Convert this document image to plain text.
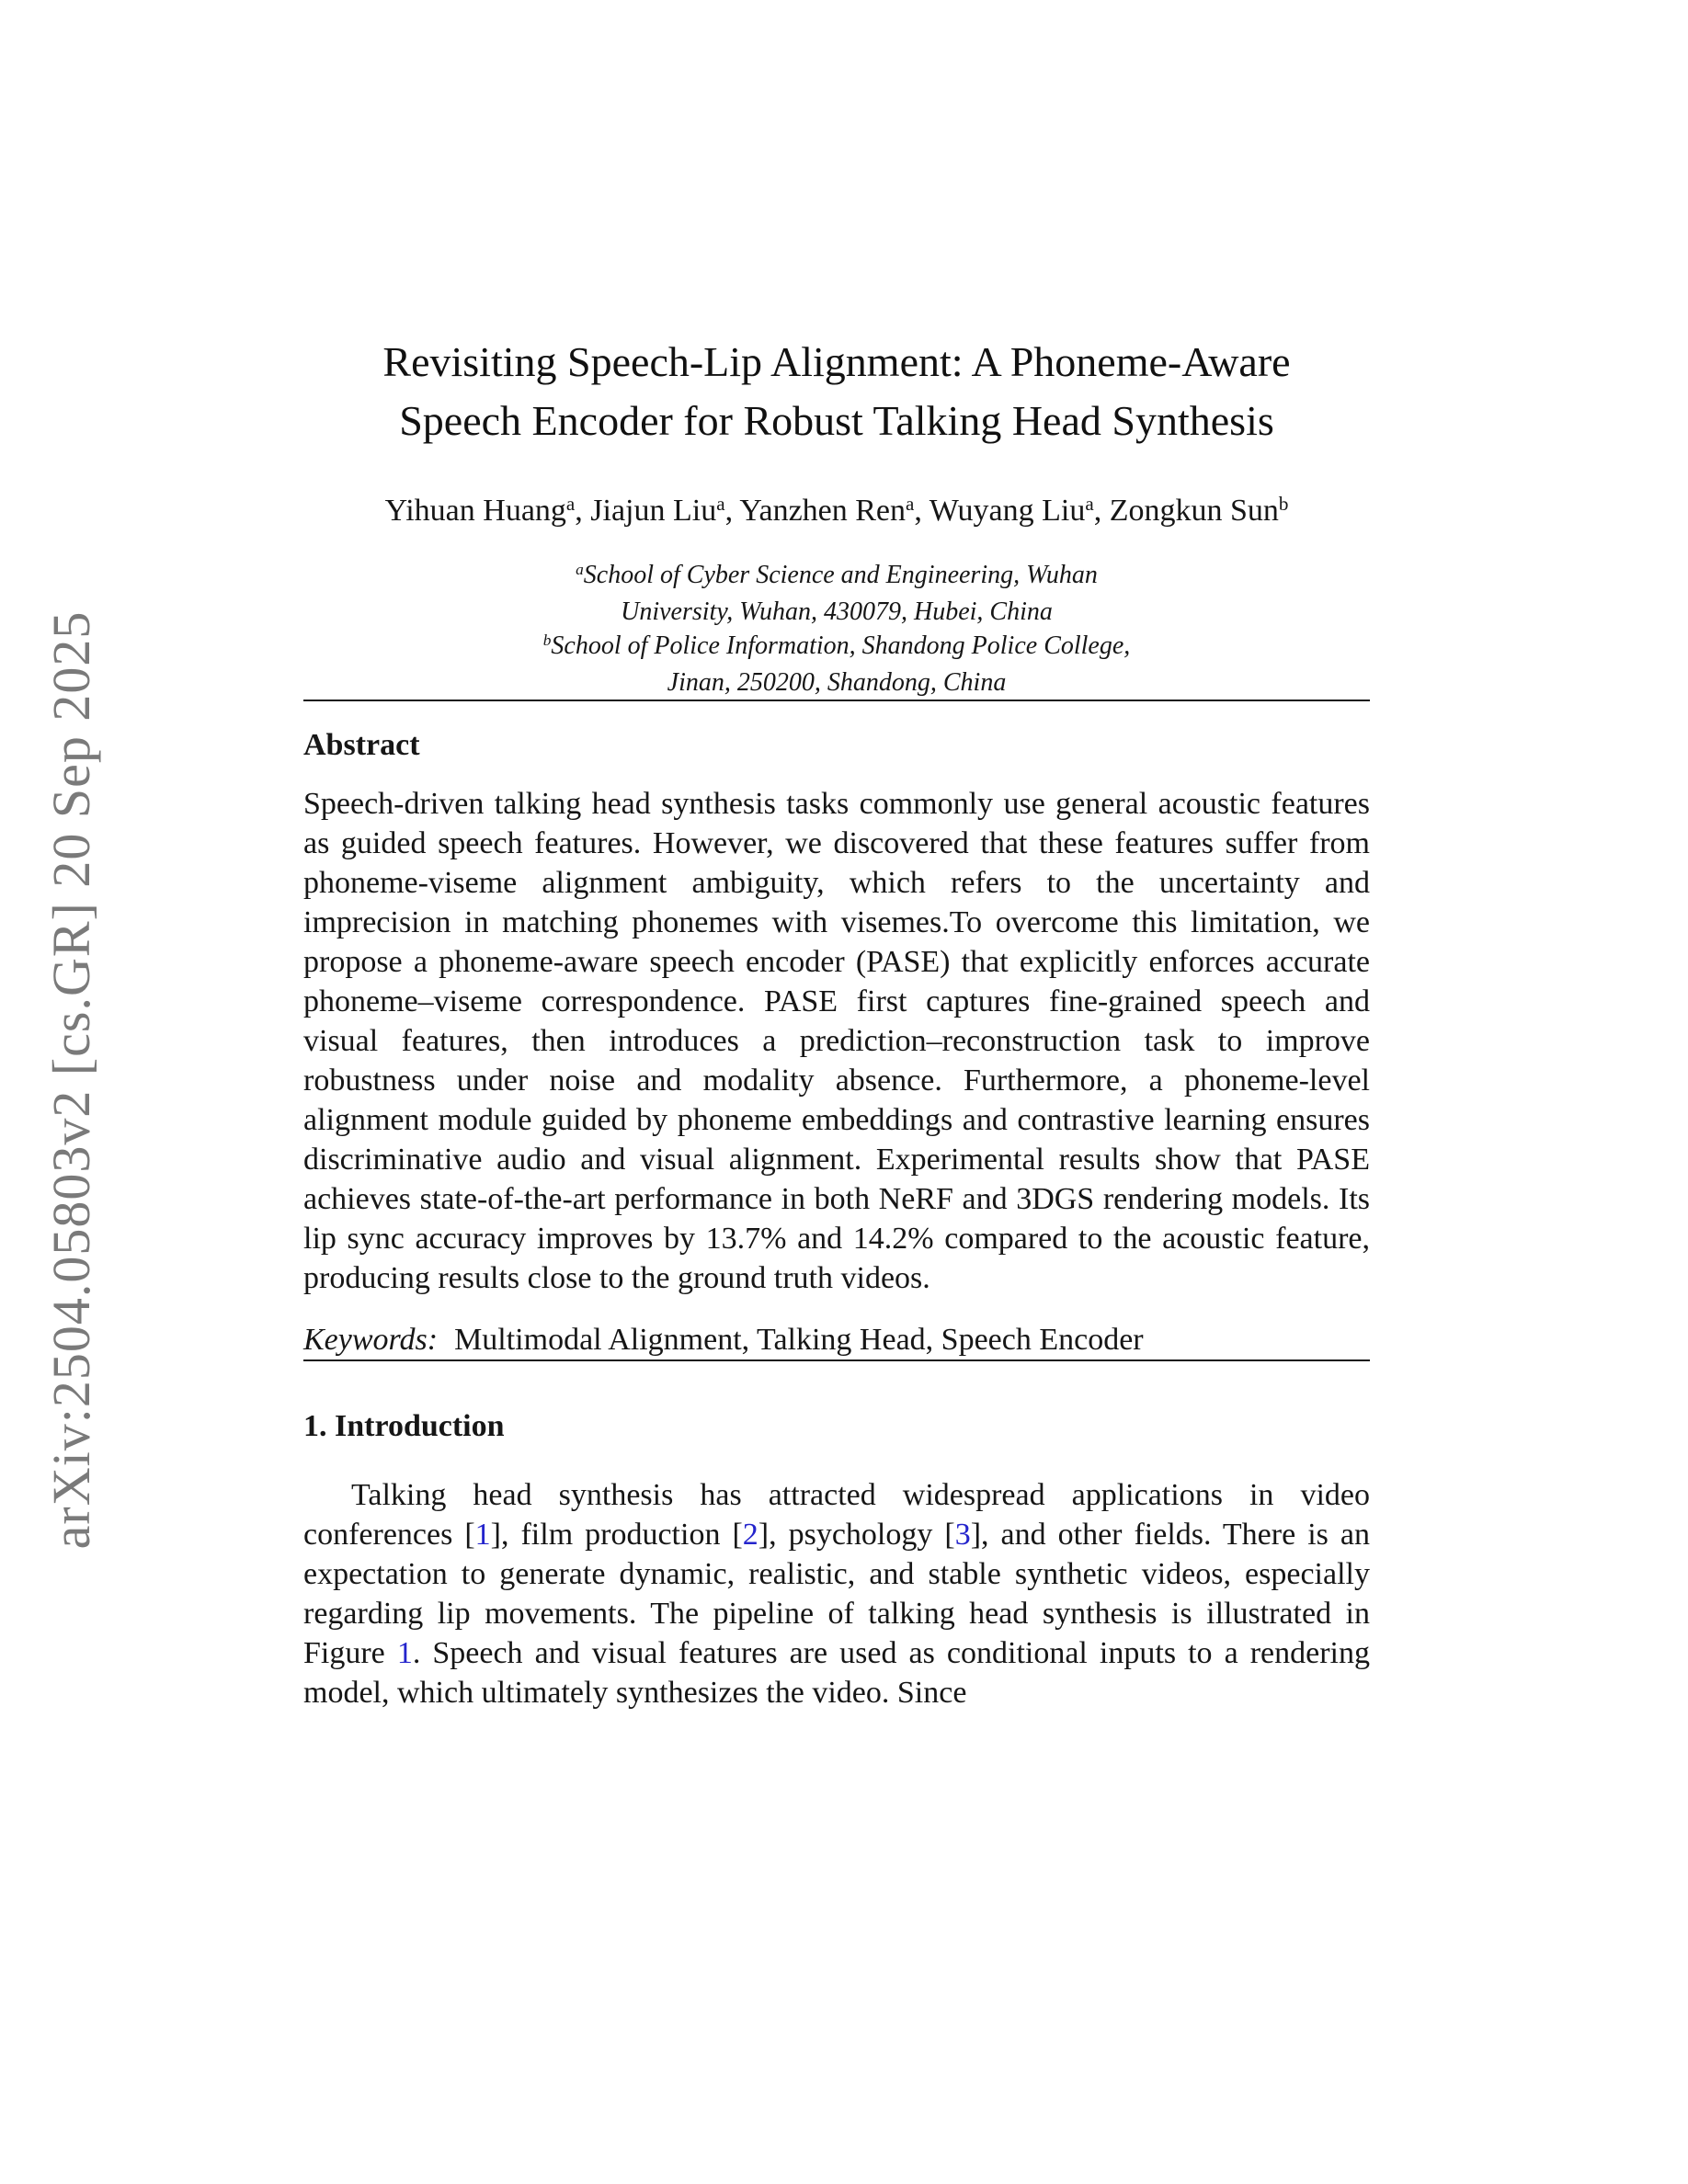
arXiv:2504.05803v2 [cs.GR] 20 Sep 2025
Revisiting Speech-Lip Alignment: A Phoneme-Aware Speech Encoder for Robust Talking Head Synthesis
Yihuan Huang$^a$, Jiajun Liu$^a$, Yanzhen Ren$^a$, Wuyang Liu$^a$, Zongkun Sun$^b$
$^a$School of Cyber Science and Engineering, Wuhan University, Wuhan, 430079, Hubei, China
$^b$School of Police Information, Shandong Police College, Jinan, 250200, Shandong, China
Abstract

Speech-driven talking head synthesis tasks commonly use general acoustic features as guided speech features. However, we discovered that these features suffer from phoneme-viseme alignment ambiguity, which refers to the uncertainty and imprecision in matching phonemes with visemes.To overcome this limitation, we propose a phoneme-aware speech encoder (PASE) that explicitly enforces accurate phoneme–viseme correspondence. PASE first captures fine-grained speech and visual features, then introduces a prediction–reconstruction task to improve robustness under noise and modality absence. Furthermore, a phoneme-level alignment module guided by phoneme embeddings and contrastive learning ensures discriminative audio and visual alignment. Experimental results show that PASE achieves state-of-the-art performance in both NeRF and 3DGS rendering models. Its lip sync accuracy improves by 13.7% and 14.2% compared to the acoustic feature, producing results close to the ground truth videos.

Keywords: Multimodal Alignment, Talking Head, Speech Encoder

1. Introduction

Talking head synthesis has attracted widespread applications in video conferences [1], film production [2], psychology [3], and other fields. There is an expectation to generate dynamic, realistic, and stable synthetic videos, especially regarding lip movements. The pipeline of talking head synthesis is illustrated in Figure 1. Speech and visual features are used as conditional inputs to a rendering model, which ultimately synthesizes the video. Since
